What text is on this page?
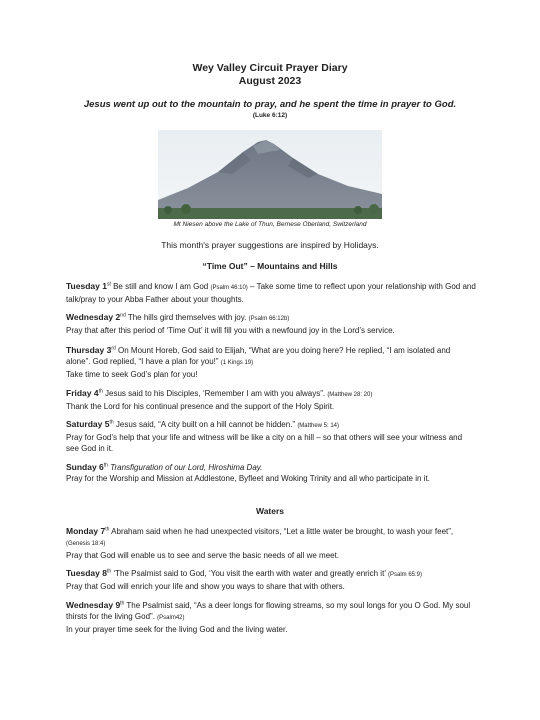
Wey Valley Circuit Prayer Diary
August 2023
Jesus went up out to the mountain to pray, and he spent the time in prayer to God.
(Luke 6:12)
Mt Niesen above the Lake of Thun, Bernese Oberland, Switzerland
This month's prayer suggestions are inspired by Holidays.
“Time Out” – Mountains and Hills
Tuesday 1st Be still and know I am God (Psalm 46:10) – Take some time to reflect upon your relationship with God and talk/pray to your Abba Father about your thoughts.
Wednesday 2nd The hills gird themselves with joy. (Psalm 66:12b)
Pray that after this period of ‘Time Out’ it will fill you with a newfound joy in the Lord’s service.
Thursday 3rd On Mount Horeb, God said to Elijah, “What are you doing here? He replied, “I am isolated and alone”. God replied, “I have a plan for you!” (1 Kings 19)
Take time to seek God’s plan for you!
Friday 4th Jesus said to his Disciples, ‘Remember I am with you always”. (Matthew 28: 20)
Thank the Lord for his continual presence and the support of the Holy Spirit.
Saturday 5th Jesus said, “A city built on a hill cannot be hidden.” (Matthew 5: 14)
Pray for God’s help that your life and witness will be like a city on a hill – so that others will see your witness and see God in it.
Sunday 6th Transfiguration of our Lord, Hiroshima Day.
Pray for the Worship and Mission at Addlestone, Byfleet and Woking Trinity and all who participate in it.
Waters
Monday 7th Abraham said when he had unexpected visitors, “Let a little water be brought, to wash your feet”, (Genesis 18:4)
Pray that God will enable us to see and serve the basic needs of all we meet.
Tuesday 8th ‘The Psalmist said to God, ‘You visit the earth with water and greatly enrich it’ (Psalm 65:9)
Pray that God will enrich your life and show you ways to share that with others.
Wednesday 9th The Psalmist said, “As a deer longs for flowing streams, so my soul longs for you O God. My soul thirsts for the living God”. (Psalm42)
In your prayer time seek for the living God and the living water.
